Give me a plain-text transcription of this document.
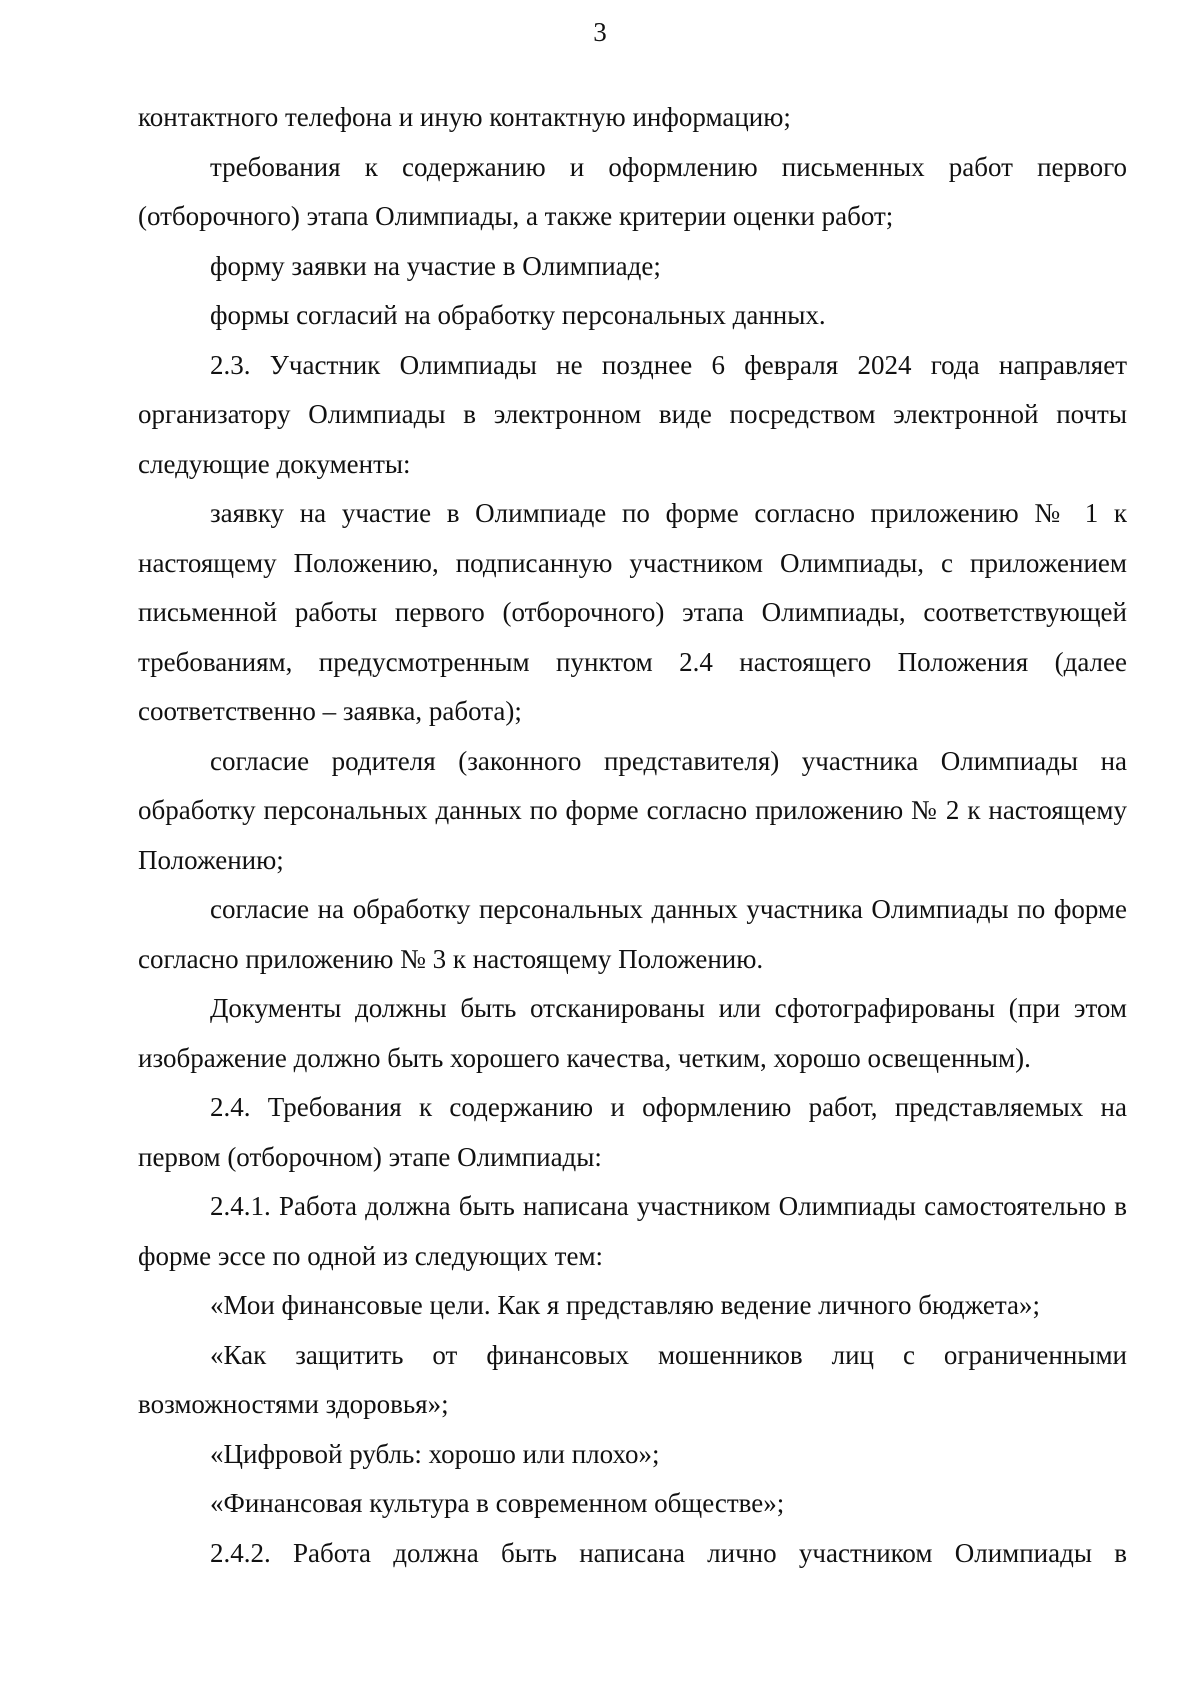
3

контактного телефона и иную контактную информацию;

требования к содержанию и оформлению письменных работ первого (отборочного) этапа Олимпиады, а также критерии оценки работ;

форму заявки на участие в Олимпиаде;

формы согласий на обработку персональных данных.

2.3. Участник Олимпиады не позднее 6 февраля 2024 года направляет организатору Олимпиады в электронном виде посредством электронной почты следующие документы:

заявку на участие в Олимпиаде по форме согласно приложению № 1 к настоящему Положению, подписанную участником Олимпиады, с приложением письменной работы первого (отборочного) этапа Олимпиады, соответствующей требованиям, предусмотренным пунктом 2.4 настоящего Положения (далее соответственно – заявка, работа);

согласие родителя (законного представителя) участника Олимпиады на обработку персональных данных по форме согласно приложению № 2 к настоящему Положению;

согласие на обработку персональных данных участника Олимпиады по форме согласно приложению № 3 к настоящему Положению.

Документы должны быть отсканированы или сфотографированы (при этом изображение должно быть хорошего качества, четким, хорошо освещенным).

2.4. Требования к содержанию и оформлению работ, представляемых на первом (отборочном) этапе Олимпиады:

2.4.1. Работа должна быть написана участником Олимпиады самостоятельно в форме эссе по одной из следующих тем:

«Мои финансовые цели. Как я представляю ведение личного бюджета»;

«Как защитить от финансовых мошенников лиц с ограниченными возможностями здоровья»;

«Цифровой рубль: хорошо или плохо»;

«Финансовая культура в современном обществе»;

2.4.2. Работа должна быть написана лично участником Олимпиады в
